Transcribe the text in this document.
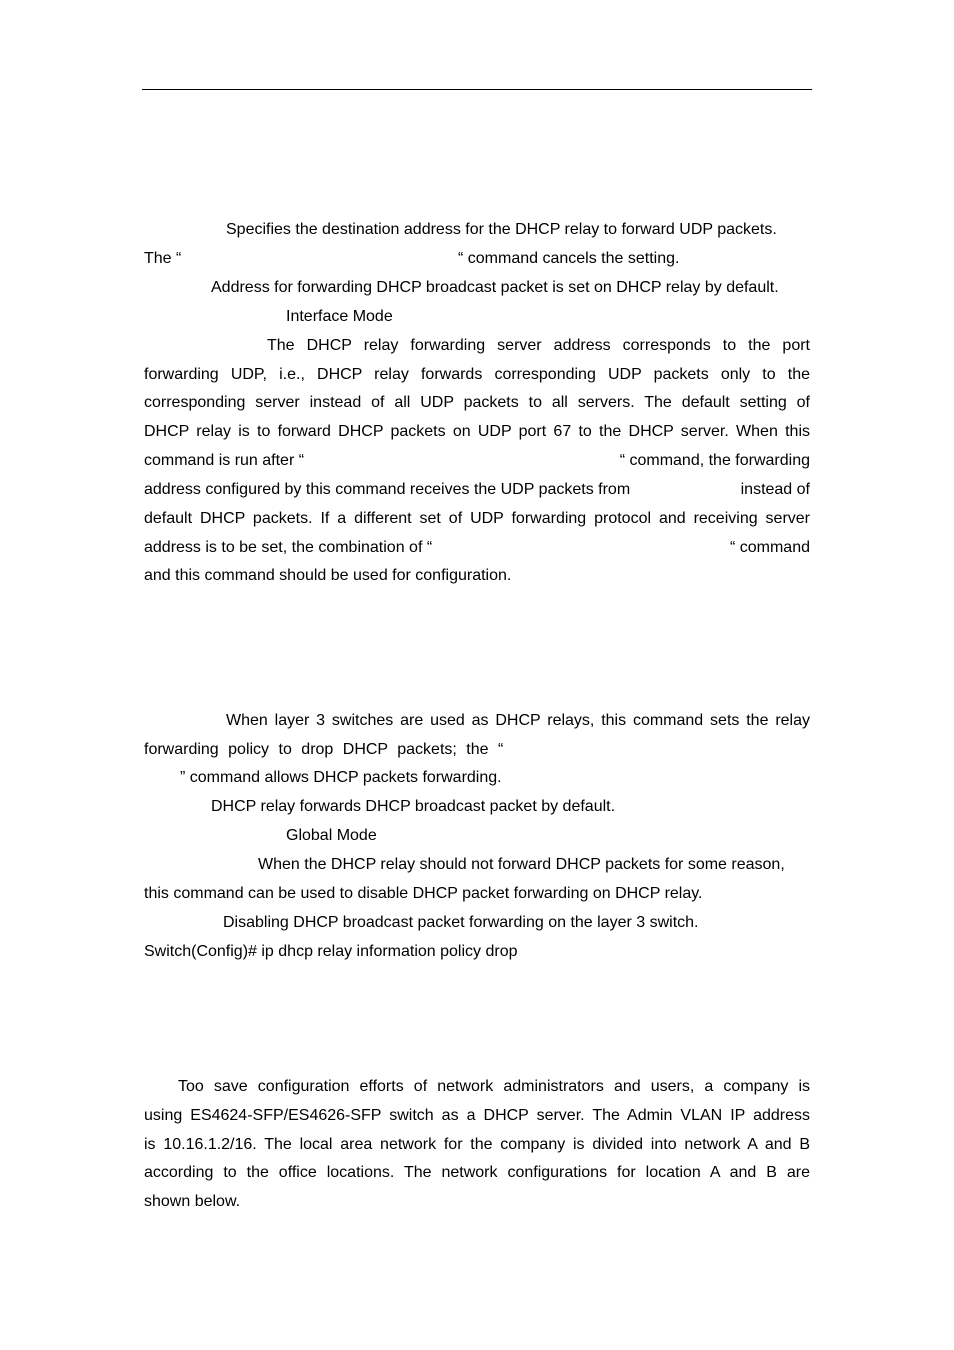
Specifies the destination address for the DHCP relay to forward UDP packets.
The “	“ command cancels the setting.
Address for forwarding DHCP broadcast packet is set on DHCP relay by default.
Interface Mode
The DHCP relay forwarding server address corresponds to the port
forwarding UDP, i.e., DHCP relay forwards corresponding UDP packets only to the
corresponding server instead of all UDP packets to all servers. The default setting of
DHCP relay is to forward DHCP packets on UDP port 67 to the DHCP server. When this
command is run after “	“ command, the forwarding
address configured by this command receives the UDP packets from	instead of
default DHCP packets. If a different set of UDP forwarding protocol and receiving server
address is to be set, the combination of “	“ command
and this command should be used for configuration.
When layer 3 switches are used as DHCP relays, this command sets the relay
forwarding policy to drop DHCP packets; the “
” command allows DHCP packets forwarding.
DHCP relay forwards DHCP broadcast packet by default.
Global Mode
When the DHCP relay should not forward DHCP packets for some reason,
this command can be used to disable DHCP packet forwarding on DHCP relay.
Disabling DHCP broadcast packet forwarding on the layer 3 switch.
Switch(Config)# ip dhcp relay information policy drop
Too save configuration efforts of network administrators and users, a company is
using ES4624-SFP/ES4626-SFP switch as a DHCP server. The Admin VLAN IP address
is 10.16.1.2/16. The local area network for the company is divided into network A and B
according to the office locations. The network configurations for location A and B are
shown below.
